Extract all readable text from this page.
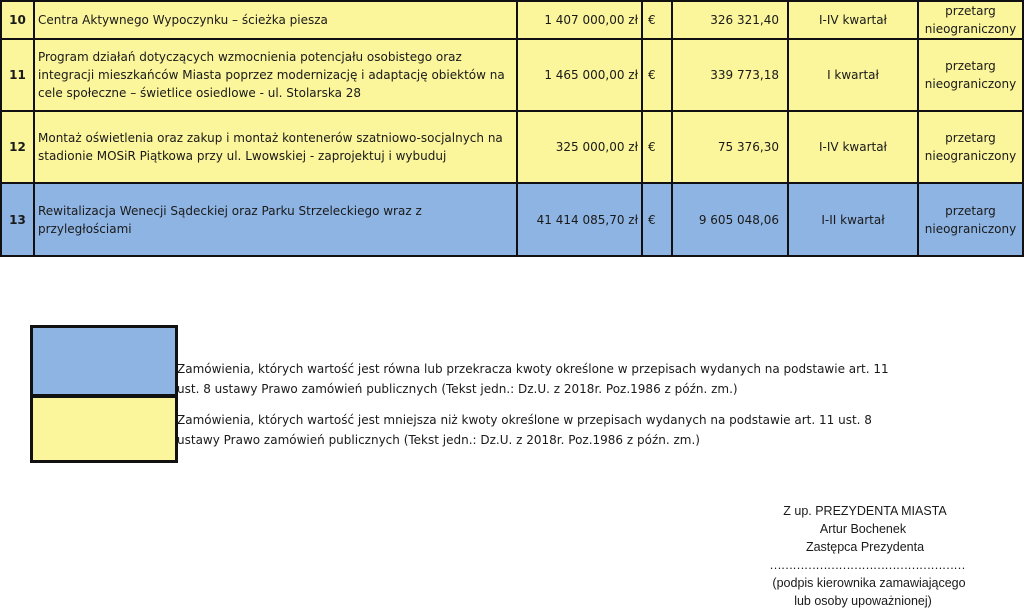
10	Centra Aktywnego Wypoczynku – ścieżka piesza	1 407 000,00 zł	€	326 321,40	I-IV kwartał	przetarg nieograniczony
11	Program działań dotyczących wzmocnienia potencjału osobistego oraz integracji mieszkańców Miasta poprzez modernizację i adaptację obiektów na cele społeczne – świetlice osiedlowe - ul. Stolarska 28	1 465 000,00 zł	€	339 773,18	I kwartał	przetarg nieograniczony
12	Montaż oświetlenia oraz zakup i montaż kontenerów szatniowo-socjalnych na stadionie MOSiR Piątkowa przy ul. Lwowskiej - zaprojektuj i wybuduj	325 000,00 zł	€	75 376,30	I-IV kwartał	przetarg nieograniczony
13	Rewitalizacja Wenecji Sądeckiej oraz Parku Strzeleckiego wraz z przyległościami	41 414 085,70 zł	€	9 605 048,06	I-II kwartał	przetarg nieograniczony
Zamówienia, których wartość jest równa lub przekracza kwoty określone w przepisach wydanych na podstawie art. 11 ust. 8 ustawy Prawo zamówień publicznych (Tekst jedn.: Dz.U. z 2018r. Poz.1986 z późn. zm.)
Zamówienia, których wartość jest mniejsza niż kwoty określone w przepisach wydanych na podstawie art. 11 ust. 8 ustawy Prawo zamówień publicznych (Tekst jedn.: Dz.U. z 2018r. Poz.1986 z późn. zm.)
Z up. PREZYDENTA MIASTA
Artur Bochenek
Zastępca Prezydenta
……………………………………………
(podpis kierownika zamawiającego
lub osoby upoważnionej)
